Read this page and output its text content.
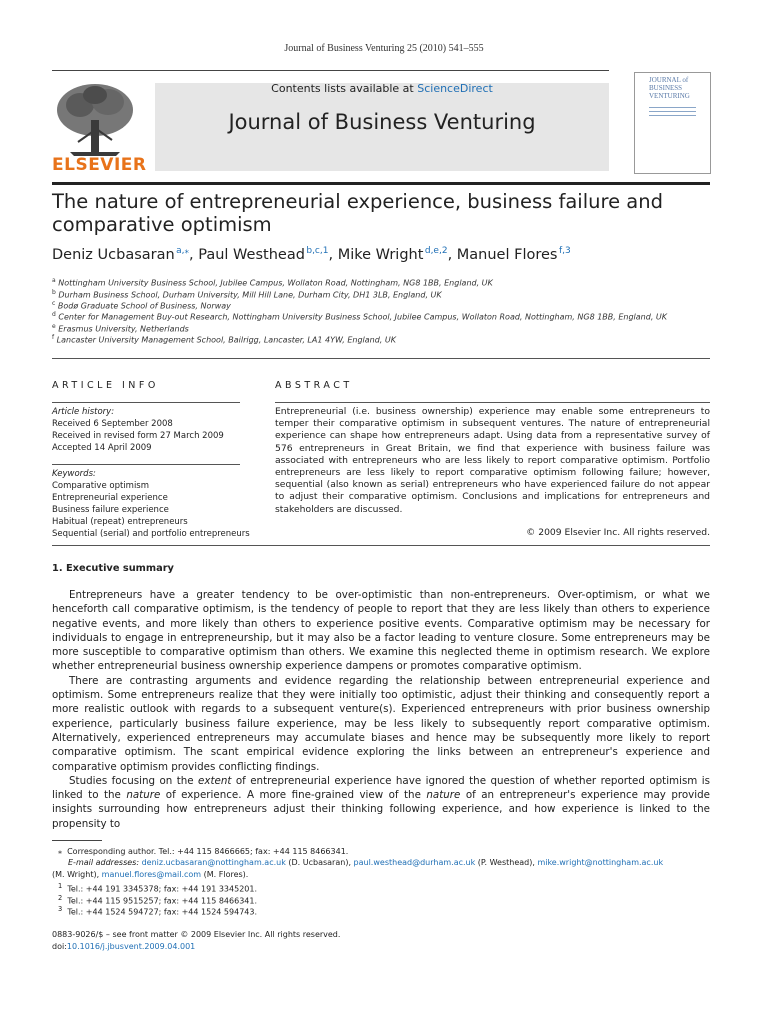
Journal of Business Venturing 25 (2010) 541–555
ELSEVIER
Contents lists available at ScienceDirect
Journal of Business Venturing
JOURNAL of BUSINESS VENTURING
The nature of entrepreneurial experience, business failure and comparative optimism
Deniz Ucbasaran $^{a,⁎}$, Paul Westhead $^{b,c,1}$, Mike Wright $^{d,e,2}$, Manuel Flores $^{f,3}$
$^a$ Nottingham University Business School, Jubilee Campus, Wollaton Road, Nottingham, NG8 1BB, England, UK
$^b$ Durham Business School, Durham University, Mill Hill Lane, Durham City, DH1 3LB, England, UK
$^c$ Bodø Graduate School of Business, Norway
$^d$ Center for Management Buy-out Research, Nottingham University Business School, Jubilee Campus, Wollaton Road, Nottingham, NG8 1BB, England, UK
$^e$ Erasmus University, Netherlands
$^f$ Lancaster University Management School, Bailrigg, Lancaster, LA1 4YW, England, UK
ARTICLE INFO	ABSTRACT
Article history:
Received 6 September 2008
Received in revised form 27 March 2009
Accepted 14 April 2009
Keywords:
Comparative optimism
Entrepreneurial experience
Business failure experience
Habitual (repeat) entrepreneurs
Sequential (serial) and portfolio entrepreneurs
Entrepreneurial (i.e. business ownership) experience may enable some entrepreneurs to temper their comparative optimism in subsequent ventures. The nature of entrepreneurial experience can shape how entrepreneurs adapt. Using data from a representative survey of 576 entrepreneurs in Great Britain, we find that experience with business failure was associated with entrepreneurs who are less likely to report comparative optimism. Portfolio entrepreneurs are less likely to report comparative optimism following failure; however, sequential (also known as serial) entrepreneurs who have experienced failure do not appear to adjust their comparative optimism. Conclusions and implications for entrepreneurs and stakeholders are discussed.
© 2009 Elsevier Inc. All rights reserved.
1. Executive summary

Entrepreneurs have a greater tendency to be over-optimistic than non-entrepreneurs. Over-optimism, or what we henceforth call comparative optimism, is the tendency of people to report that they are less likely than others to experience negative events, and more likely than others to experience positive events. Comparative optimism may be necessary for individuals to engage in entrepreneurship, but it may also be a factor leading to venture closure. Some entrepreneurs may be more susceptible to comparative optimism than others. We examine this neglected theme in optimism research. We explore whether entrepreneurial business ownership experience dampens or promotes comparative optimism.

There are contrasting arguments and evidence regarding the relationship between entrepreneurial experience and optimism. Some entrepreneurs realize that they were initially too optimistic, adjust their thinking and consequently report a more realistic outlook with regards to a subsequent venture(s). Experienced entrepreneurs with prior business ownership experience, particularly business failure experience, may be less likely to subsequently report comparative optimism. Alternatively, experienced entrepreneurs may accumulate biases and hence may be subsequently more likely to report comparative optimism. The scant empirical evidence exploring the links between an entrepreneur's experience and comparative optimism provides conflicting findings.

Studies focusing on the extent of entrepreneurial experience have ignored the question of whether reported optimism is linked to the nature of experience. A more fine-grained view of the nature of an entrepreneur's experience may provide insights surrounding how entrepreneurs adjust their thinking following experience, and how experience is linked to the propensity to

⁎ Corresponding author. Tel.: +44 115 8466665; fax: +44 115 8466341.
E-mail addresses: deniz.ucbasaran@nottingham.ac.uk (D. Ucbasaran), paul.westhead@durham.ac.uk (P. Westhead), mike.wright@nottingham.ac.uk
(M. Wright), manuel.flores@mail.com (M. Flores).
$^1$ Tel.: +44 191 3345378; fax: +44 191 3345201.
$^2$ Tel.: +44 115 9515257; fax: +44 115 8466341.
$^3$ Tel.: +44 1524 594727; fax: +44 1524 594743.
0883-9026/$ – see front matter © 2009 Elsevier Inc. All rights reserved.
doi:10.1016/j.jbusvent.2009.04.001
